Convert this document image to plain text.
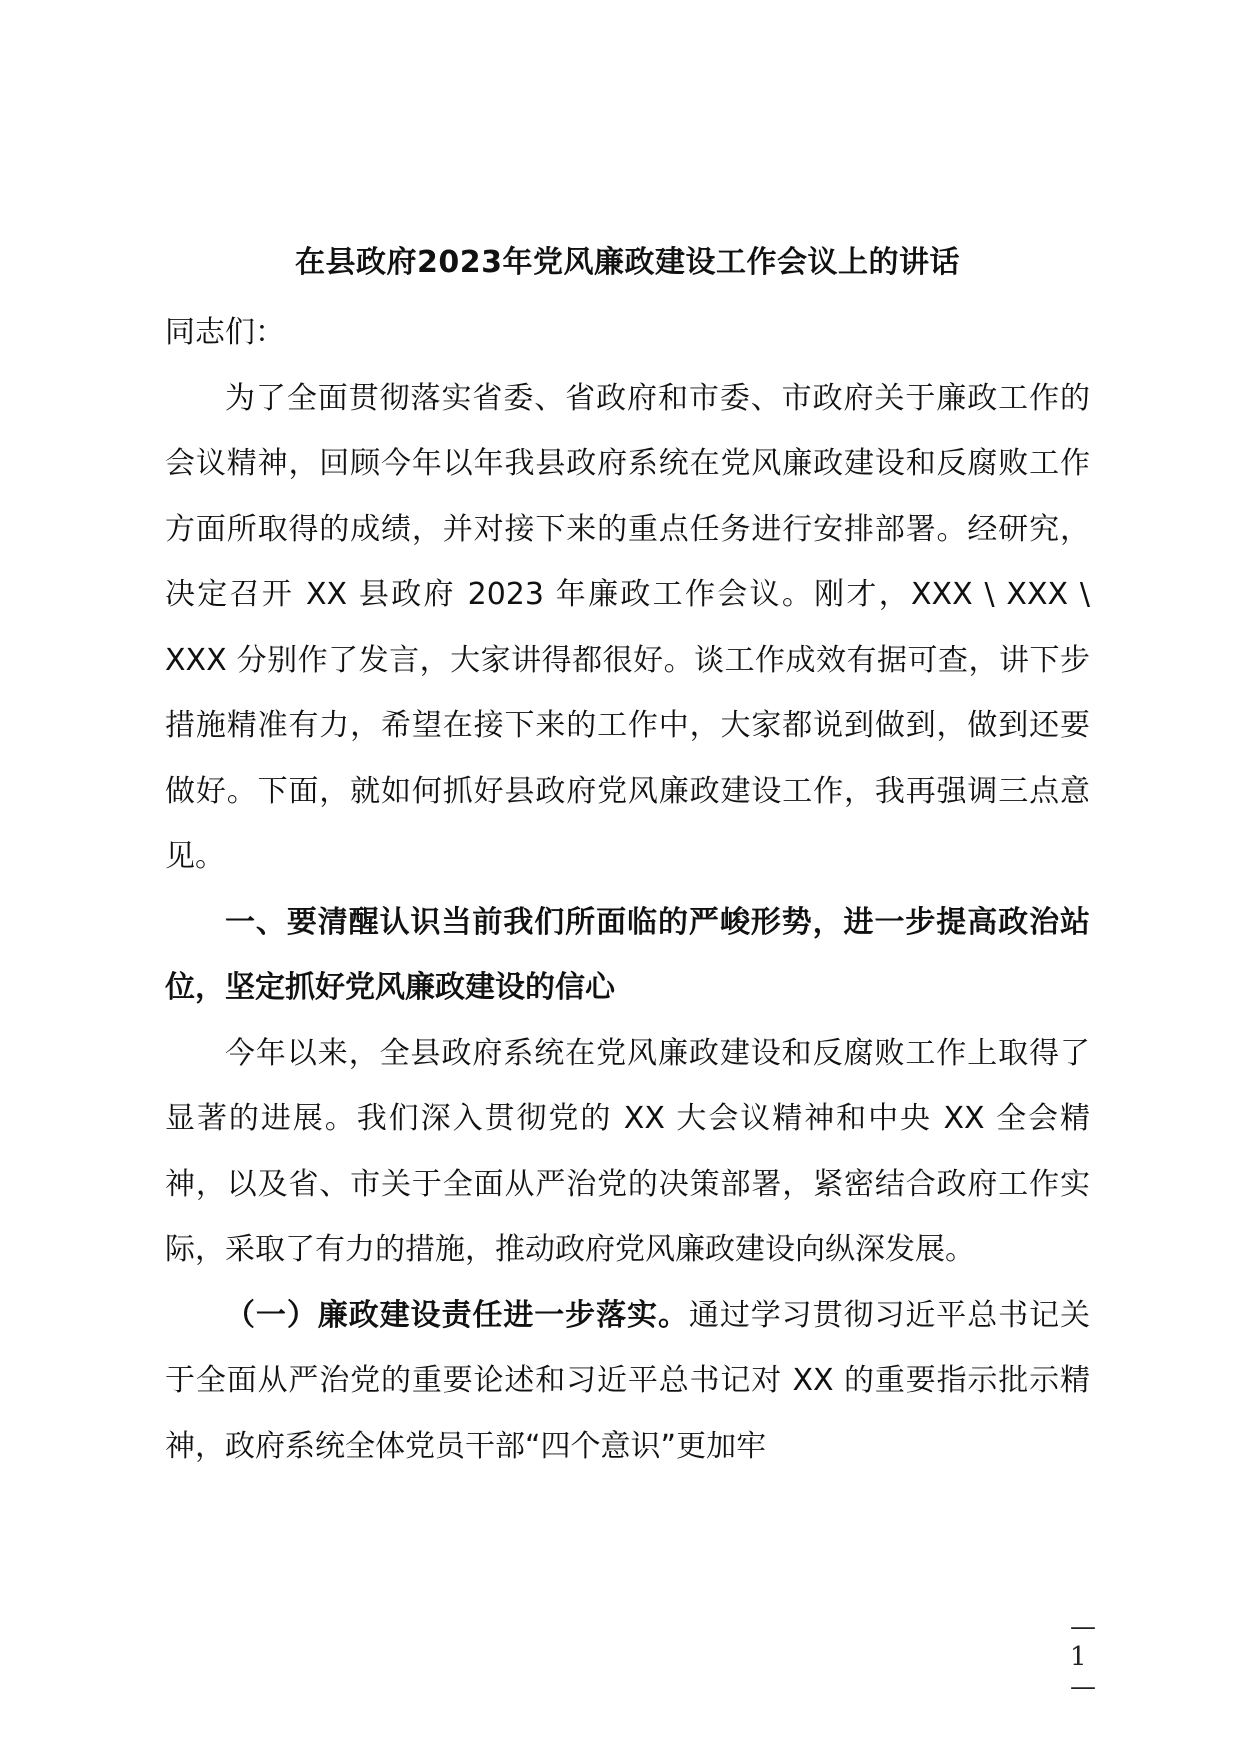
在县政府2023年党风廉政建设工作会议上的讲话

同志们：

为了全面贯彻落实省委、省政府和市委、市政府关于廉政工作的会议精神，回顾今年以年我县政府系统在党风廉政建设和反腐败工作方面所取得的成绩，并对接下来的重点任务进行安排部署。经研究，决定召开 XX 县政府 2023 年廉政工作会议。刚才，XXX \ XXX \ XXX 分别作了发言，大家讲得都很好。谈工作成效有据可查，讲下步措施精准有力，希望在接下来的工作中，大家都说到做到，做到还要做好。下面，就如何抓好县政府党风廉政建设工作，我再强调三点意见。

一、要清醒认识当前我们所面临的严峻形势，进一步提高政治站位，坚定抓好党风廉政建设的信心

今年以来，全县政府系统在党风廉政建设和反腐败工作上取得了显著的进展。我们深入贯彻党的 XX 大会议精神和中央 XX 全会精神，以及省、市关于全面从严治党的决策部署，紧密结合政府工作实际，采取了有力的措施，推动政府党风廉政建设向纵深发展。

（一）廉政建设责任进一步落实。通过学习贯彻习近平总书记关于全面从严治党的重要论述和习近平总书记对 XX 的重要指示批示精神，政府系统全体党员干部“四个意识”更加牢

— 1 —
